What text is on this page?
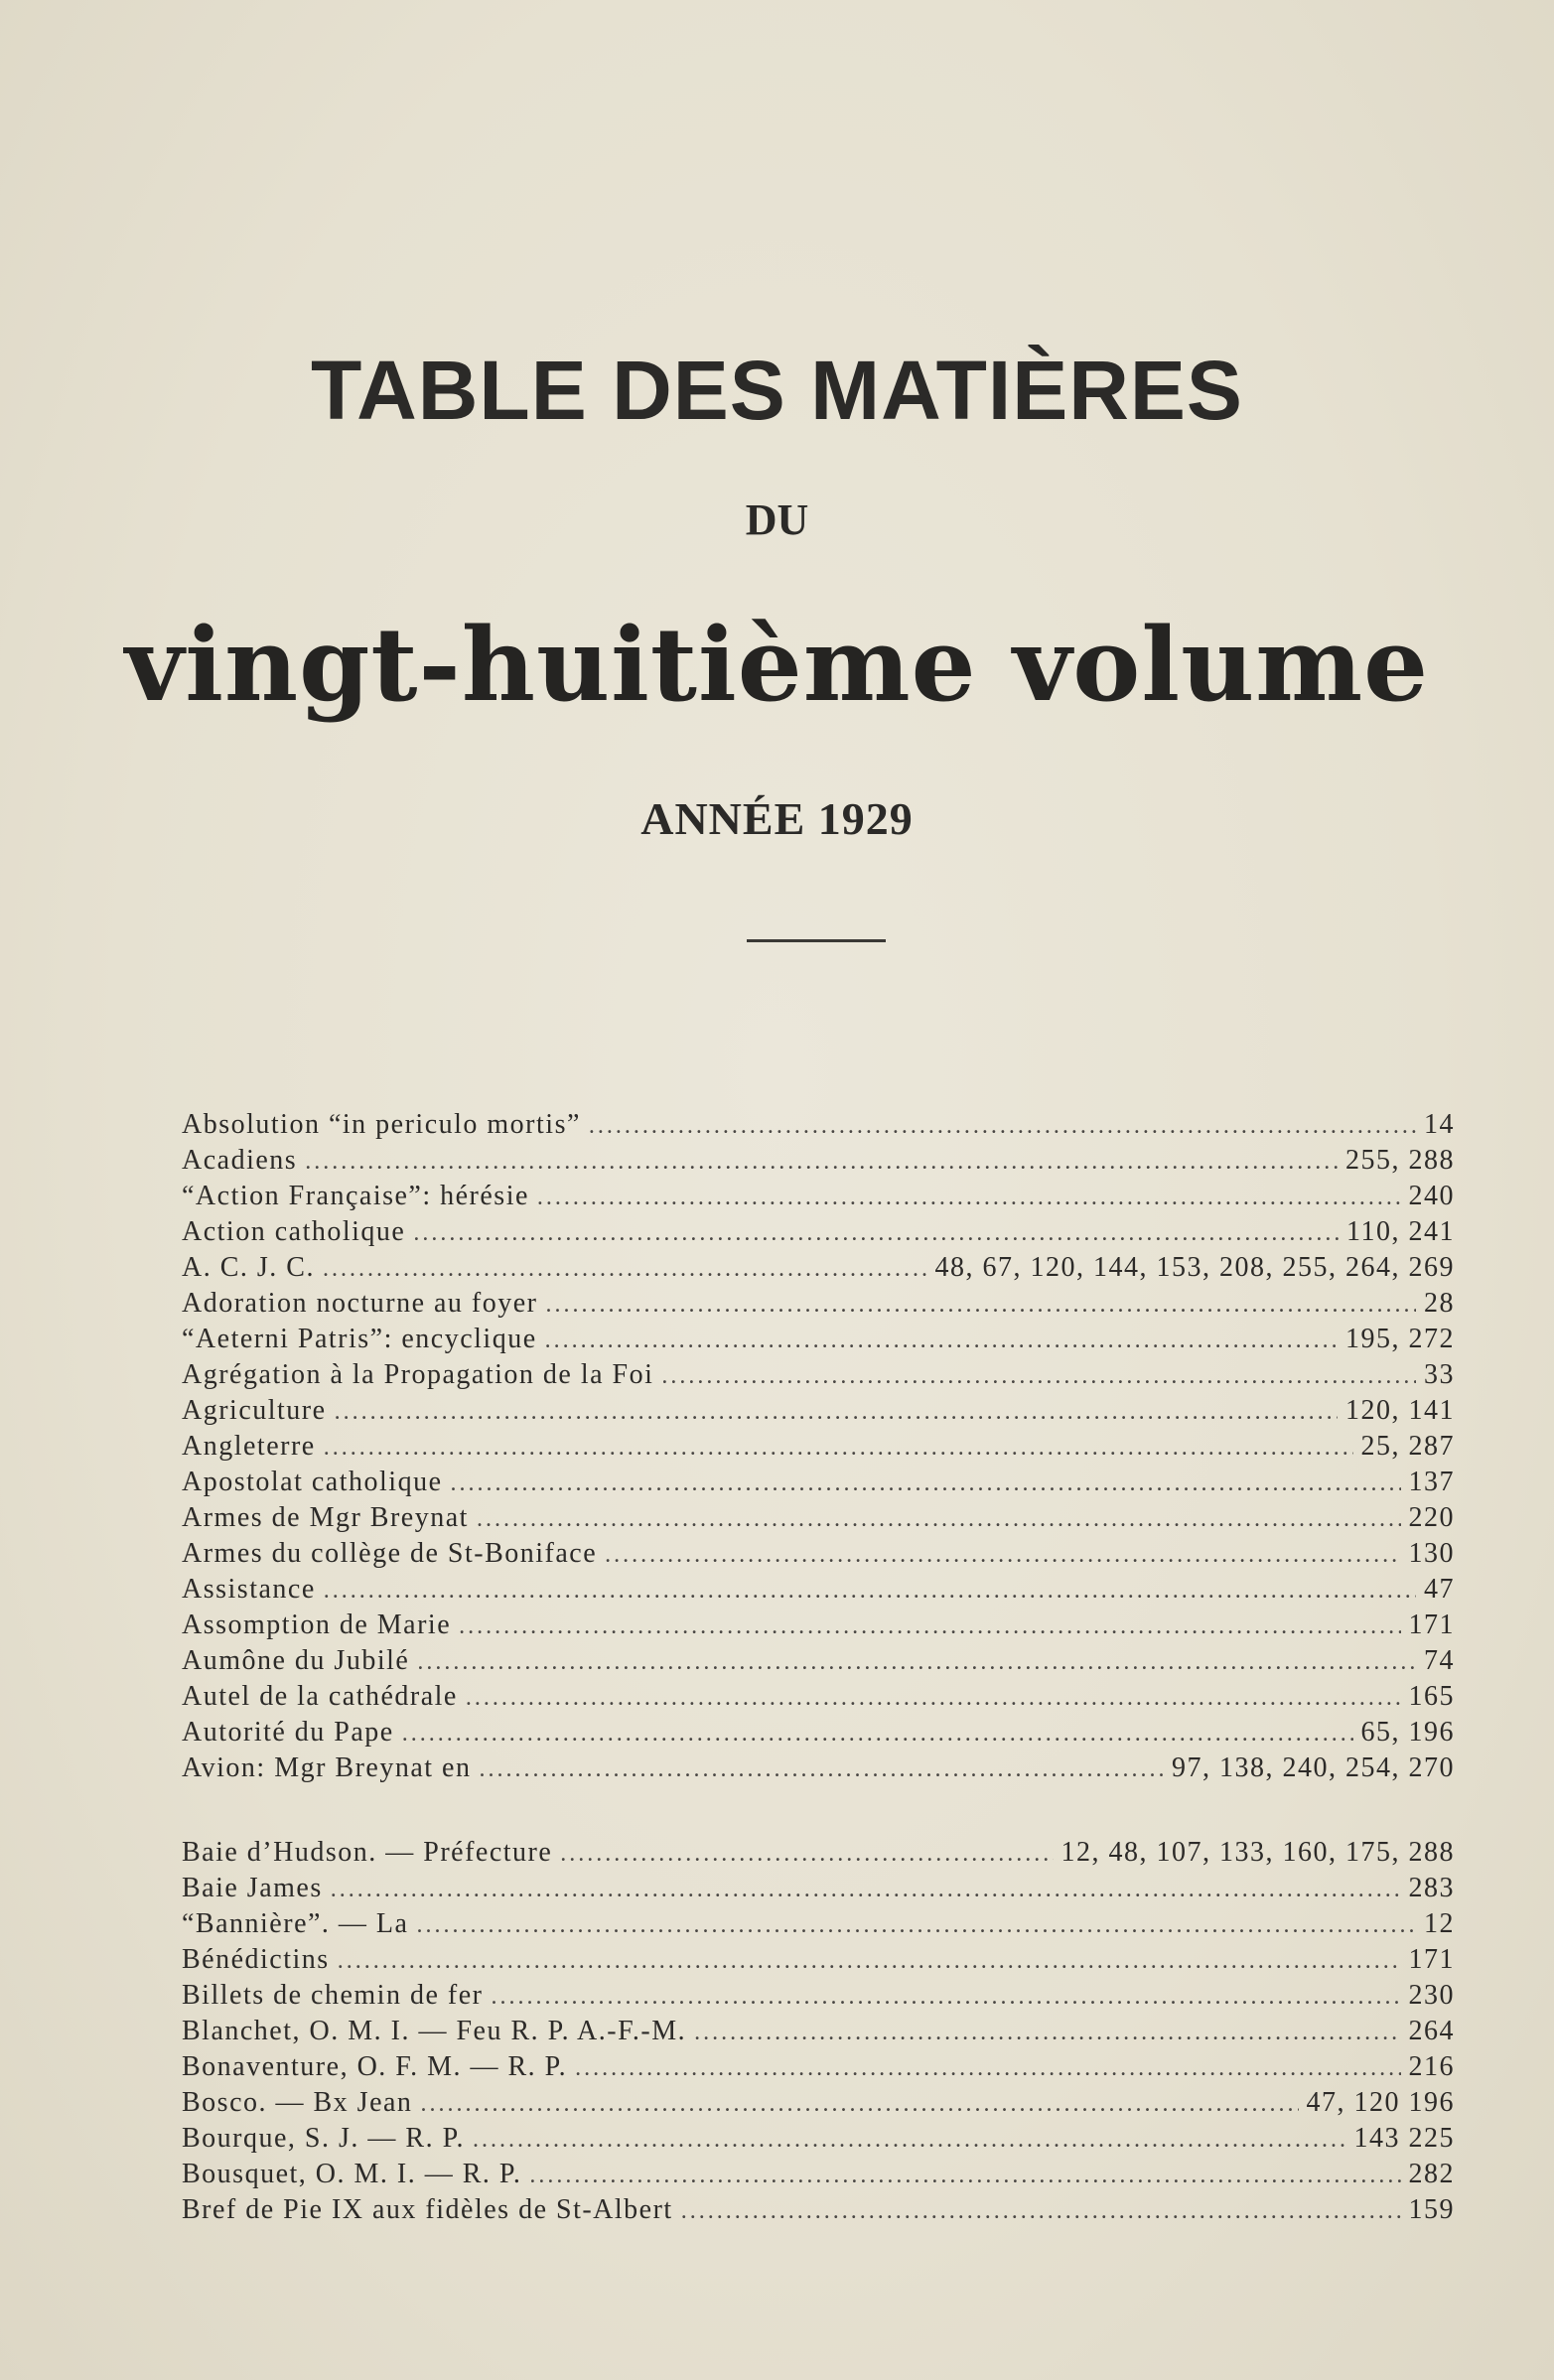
TABLE DES MATIÈRES
DU
vingt-huitième volume
ANNÉE 1929
Absolution “in periculo mortis” .....	14
Acadiens .....	255, 288
“Action Française”: hérésie .....	240
Action catholique .....	110, 241
A. C. J. C. .....	48, 67, 120, 144, 153, 208, 255, 264, 269
Adoration nocturne au foyer .....	28
“Aeterni Patris”: encyclique .....	195, 272
Agrégation à la Propagation de la Foi .....	33
Agriculture .....	120, 141
Angleterre .....	25, 287
Apostolat catholique .....	137
Armes de Mgr Breynat .....	220
Armes du collège de St-Boniface .....	130
Assistance .....	47
Assomption de Marie .....	171
Aumône du Jubilé .....	74
Autel de la cathédrale .....	165
Autorité du Pape .....	65, 196
Avion: Mgr Breynat en .....	97, 138, 240, 254, 270
Baie d’Hudson. — Préfecture .....	12, 48, 107, 133, 160, 175, 288
Baie James .....	283
“Bannière”. — La .....	12
Bénédictins .....	171
Billets de chemin de fer .....	230
Blanchet, O. M. I. — Feu R. P. A.-F.-M. .....	264
Bonaventure, O. F. M. — R. P. .....	216
Bosco. — Bx Jean .....	47, 120 196
Bourque, S. J. — R. P. .....	143 225
Bousquet, O. M. I. — R. P. .....	282
Bref de Pie IX aux fidèles de St-Albert .....	159
